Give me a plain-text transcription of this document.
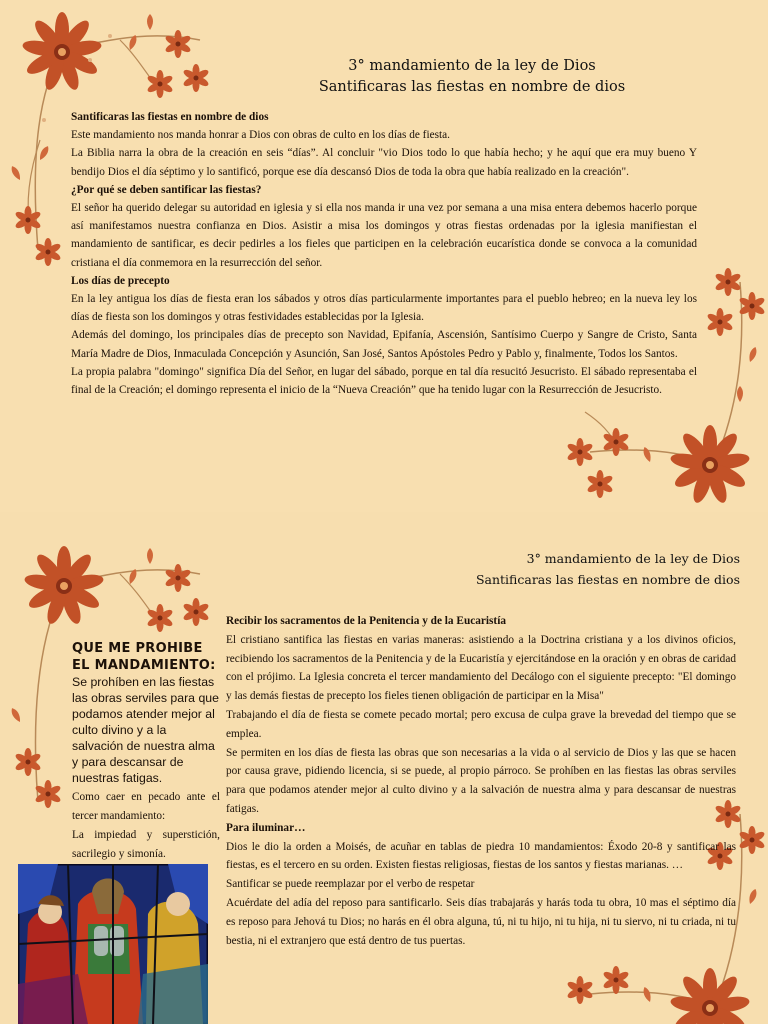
3° mandamiento de la ley de Dios
Santificaras las fiestas en nombre de dios

Santificaras las fiestas en nombre de dios

Este mandamiento nos manda honrar a Dios con obras de culto en los días de fiesta.

La Biblia narra la obra de la creación en seis “días”. Al concluir "vio Dios todo lo que había hecho; y he aquí que era muy bueno Y bendijo Dios el día séptimo y lo santificó, porque ese día descansó Dios de toda la obra que había realizado en la creación".

¿Por qué se deben santificar las fiestas?

El señor ha querido delegar su autoridad en iglesia y si ella nos manda ir una vez por semana a una misa entera debemos hacerlo porque así manifestamos nuestra confianza en Dios. Asistir a misa los domingos y otras fiestas ordenadas por la iglesia manifiestan el mandamiento de santificar, es decir pedirles a los fieles que participen en la celebración eucarística donde se convoca a la comunidad cristiana el día conmemora en la resurrección del señor.

Los días de precepto

En la ley antigua los días de fiesta eran los sábados y otros días particularmente importantes para el pueblo hebreo; en la nueva ley los días de fiesta son los domingos y otras festividades establecidas por la Iglesia.

Además del domingo, los principales días de precepto son Navidad, Epifanía, Ascensión, Santísimo Cuerpo y Sangre de Cristo, Santa María Madre de Dios, Inmaculada Concepción y Asunción, San José, Santos Apóstoles Pedro y Pablo y, finalmente, Todos los Santos.

La propia palabra "domingo" significa Día del Señor, en lugar del sábado, porque en tal día resucitó Jesucristo. El sábado representaba el final de la Creación; el domingo representa el inicio de la “Nueva Creación” que ha tenido lugar con la Resurrección de Jesucristo.

3° mandamiento de la ley de Dios
Santificaras las fiestas en nombre de dios

Recibir los sacramentos de la Penitencia y de la Eucaristía

El cristiano santifica las fiestas en varias maneras: asistiendo a la Doctrina cristiana y a los divinos oficios, recibiendo los sacramentos de la Penitencia y de la Eucaristía y ejercitándose en la oración y en obras de caridad con el prójimo. La Iglesia concreta el tercer mandamiento del Decálogo con el siguiente precepto: "El domingo y las demás fiestas de precepto los fieles tienen obligación de participar en la Misa"

Trabajando el día de fiesta se comete pecado mortal; pero excusa de culpa grave la brevedad del tiempo que se emplea.

Se permiten en los días de fiesta las obras que son necesarias a la vida o al servicio de Dios y las que se hacen por causa grave, pidiendo licencia, si se puede, al propio párroco. Se prohíben en las fiestas las obras serviles para que podamos atender mejor al culto divino y a la salvación de nuestra alma y para descansar de nuestras fatigas.

Para iluminar…

Dios le dio la orden a Moisés, de acuñar en tablas de piedra 10 mandamientos: Éxodo 20-8 y santificar las fiestas, es el tercero en su orden. Existen fiestas religiosas, fiestas de los santos y fiestas marianas. …

Santificar se puede reemplazar por el verbo de respetar

Acuérdate del adía del reposo para santificarlo. Seis días trabajarás y harás toda tu obra, 10 mas el séptimo día es reposo para Jehová tu Dios; no harás en él obra alguna, tú, ni tu hijo, ni tu hija, ni tu siervo, ni tu criada, ni tu bestia, ni el extranjero que está dentro de tus puertas.

QUE ME PROHIBE EL MANDAMIENTO: Se prohíben en las fiestas las obras serviles para que podamos atender mejor al culto divino y a la salvación de nuestra alma y para descansar de nuestras fatigas.

Como caer en pecado ante el tercer mandamiento:

La impiedad y superstición, sacrilegio y simonía.
